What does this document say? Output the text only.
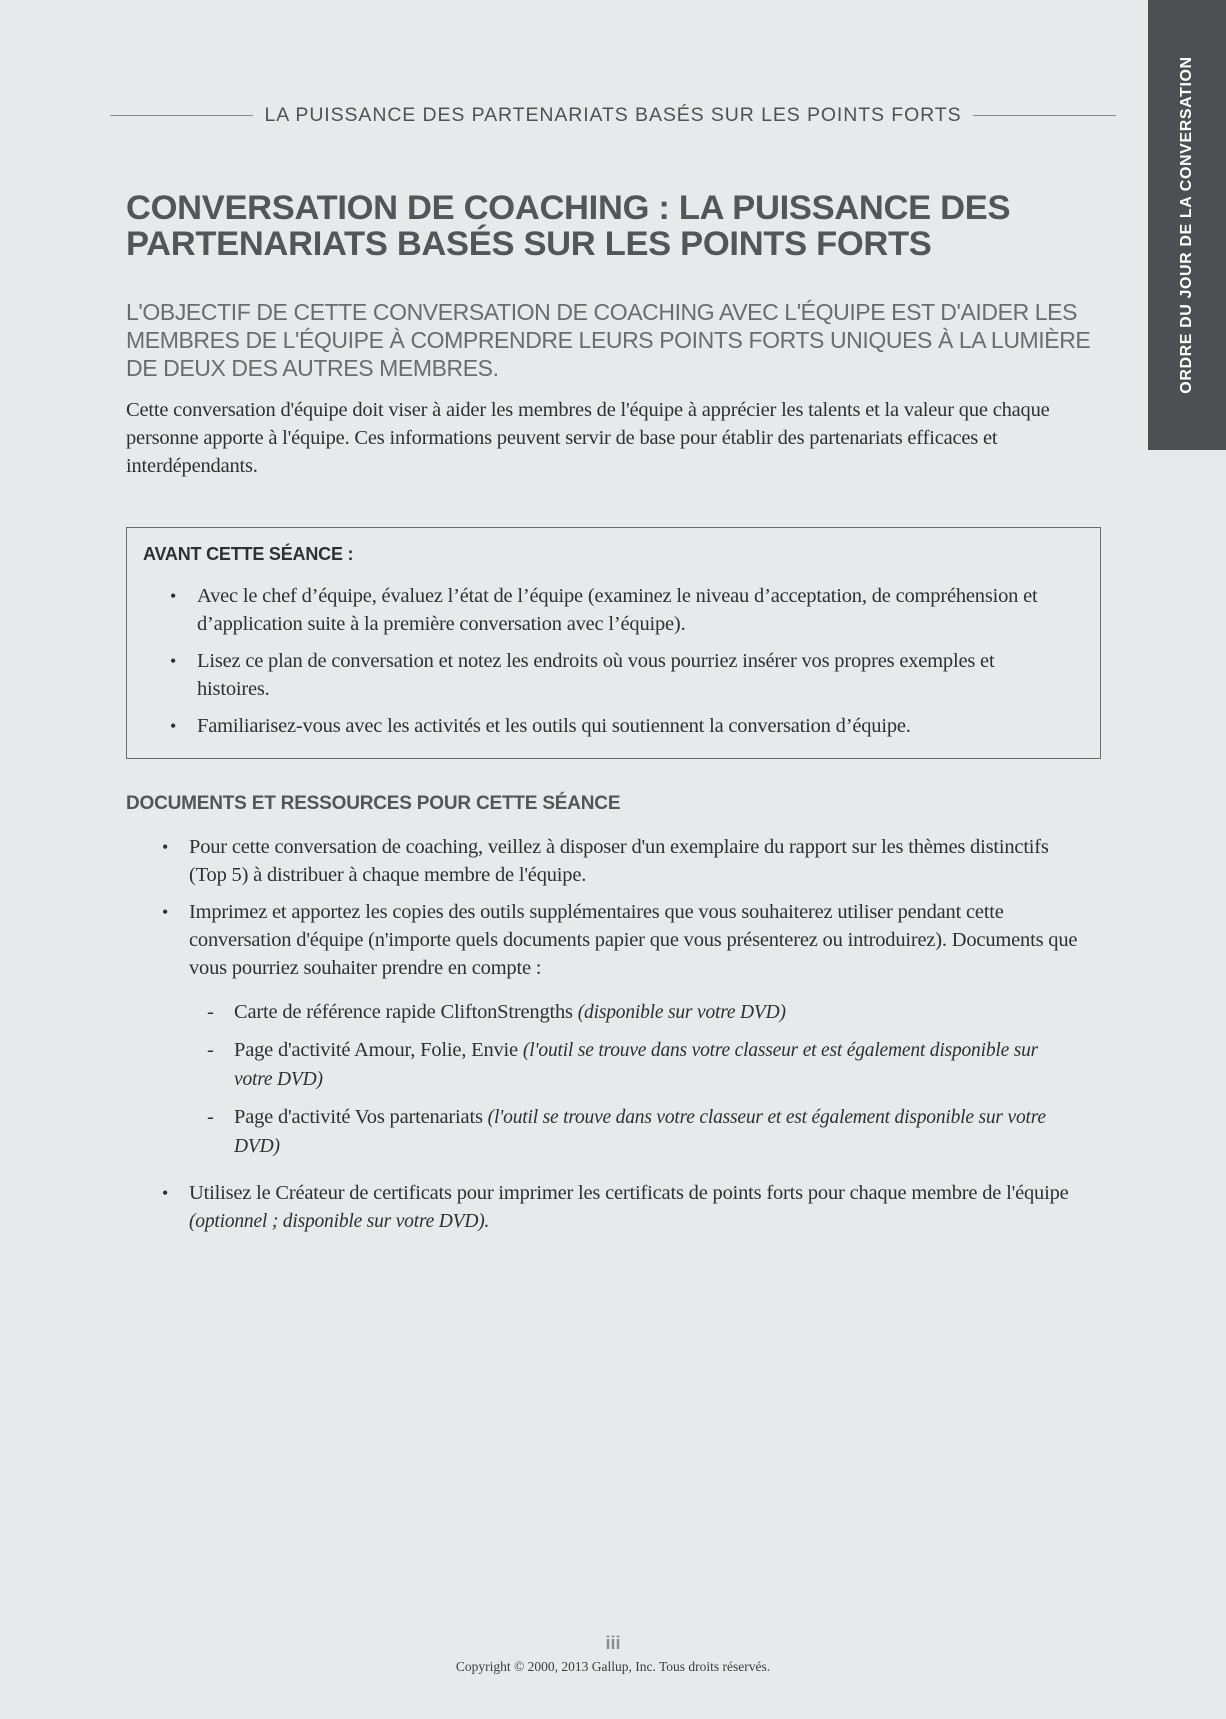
ORDRE DU JOUR DE LA CONVERSATION
LA PUISSANCE DES PARTENARIATS BASÉS SUR LES POINTS FORTS
CONVERSATION DE COACHING : LA PUISSANCE DES PARTENARIATS BASÉS SUR LES POINTS FORTS

L'OBJECTIF DE CETTE CONVERSATION DE COACHING AVEC L'ÉQUIPE EST D'AIDER LES MEMBRES DE L'ÉQUIPE À COMPRENDRE LEURS POINTS FORTS UNIQUES À LA LUMIÈRE DE DEUX DES AUTRES MEMBRES.

Cette conversation d'équipe doit viser à aider les membres de l'équipe à apprécier les talents et la valeur que chaque personne apporte à l'équipe. Ces informations peuvent servir de base pour établir des partenariats efficaces et interdépendants.

AVANT CETTE SÉANCE :
• Avec le chef d’équipe, évaluez l’état de l’équipe (examinez le niveau d’acceptation, de compréhension et d’application suite à la première conversation avec l’équipe).
• Lisez ce plan de conversation et notez les endroits où vous pourriez insérer vos propres exemples et histoires.
• Familiarisez-vous avec les activités et les outils qui soutiennent la conversation d’équipe.
DOCUMENTS ET RESSOURCES POUR CETTE SÉANCE
• Pour cette conversation de coaching, veillez à disposer d'un exemplaire du rapport sur les thèmes distinctifs (Top 5) à distribuer à chaque membre de l'équipe.
• Imprimez et apportez les copies des outils supplémentaires que vous souhaiterez utiliser pendant cette conversation d'équipe (n'importe quels documents papier que vous présenterez ou introduirez). Documents que vous pourriez souhaiter prendre en compte :
- Carte de référence rapide CliftonStrengths (disponible sur votre DVD)
- Page d'activité Amour, Folie, Envie (l'outil se trouve dans votre classeur et est également disponible sur votre DVD)
- Page d'activité Vos partenariats (l'outil se trouve dans votre classeur et est également disponible sur votre DVD)
• Utilisez le Créateur de certificats pour imprimer les certificats de points forts pour chaque membre de l'équipe (optionnel ; disponible sur votre DVD).
iii
Copyright © 2000, 2013 Gallup, Inc. Tous droits réservés.
